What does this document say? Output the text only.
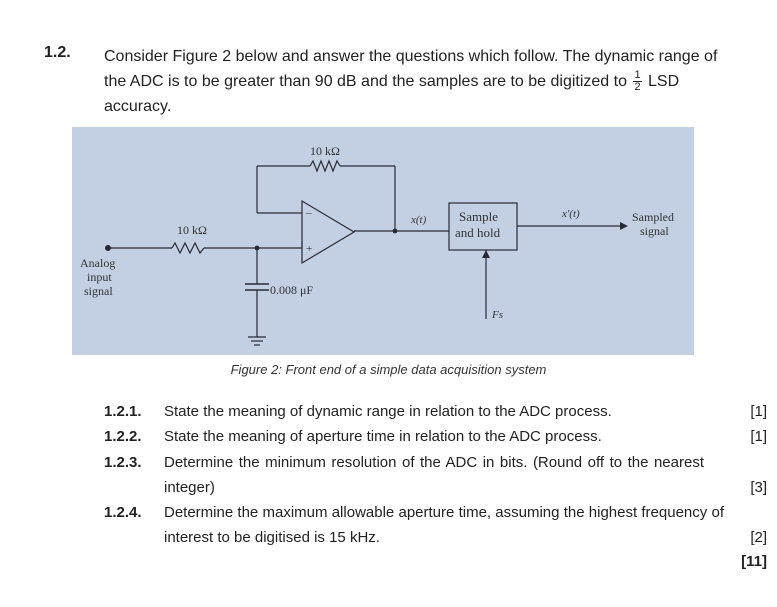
1.2. Consider Figure 2 below and answer the questions which follow. The dynamic range of the ADC is to be greater than 90 dB and the samples are to be digitized to $\frac{1}{2}$ LSD accuracy.
10 kΩ
10 kΩ
0.008 μF
Analog
input
signal
–
+
x(t)	x′(t)
Sample
and hold
Fs
Sampled
signal
Figure 2: Front end of a simple data acquisition system
1.2.1. State the meaning of dynamic range in relation to the ADC process.	[1]
1.2.2. State the meaning of aperture time in relation to the ADC process.	[1]
1.2.3. Determine the minimum resolution of the ADC in bits. (Round off to the nearest integer)	[3]
1.2.4. Determine the maximum allowable aperture time, assuming the highest frequency of interest to be digitised is 15 kHz.	[2]
[11]
